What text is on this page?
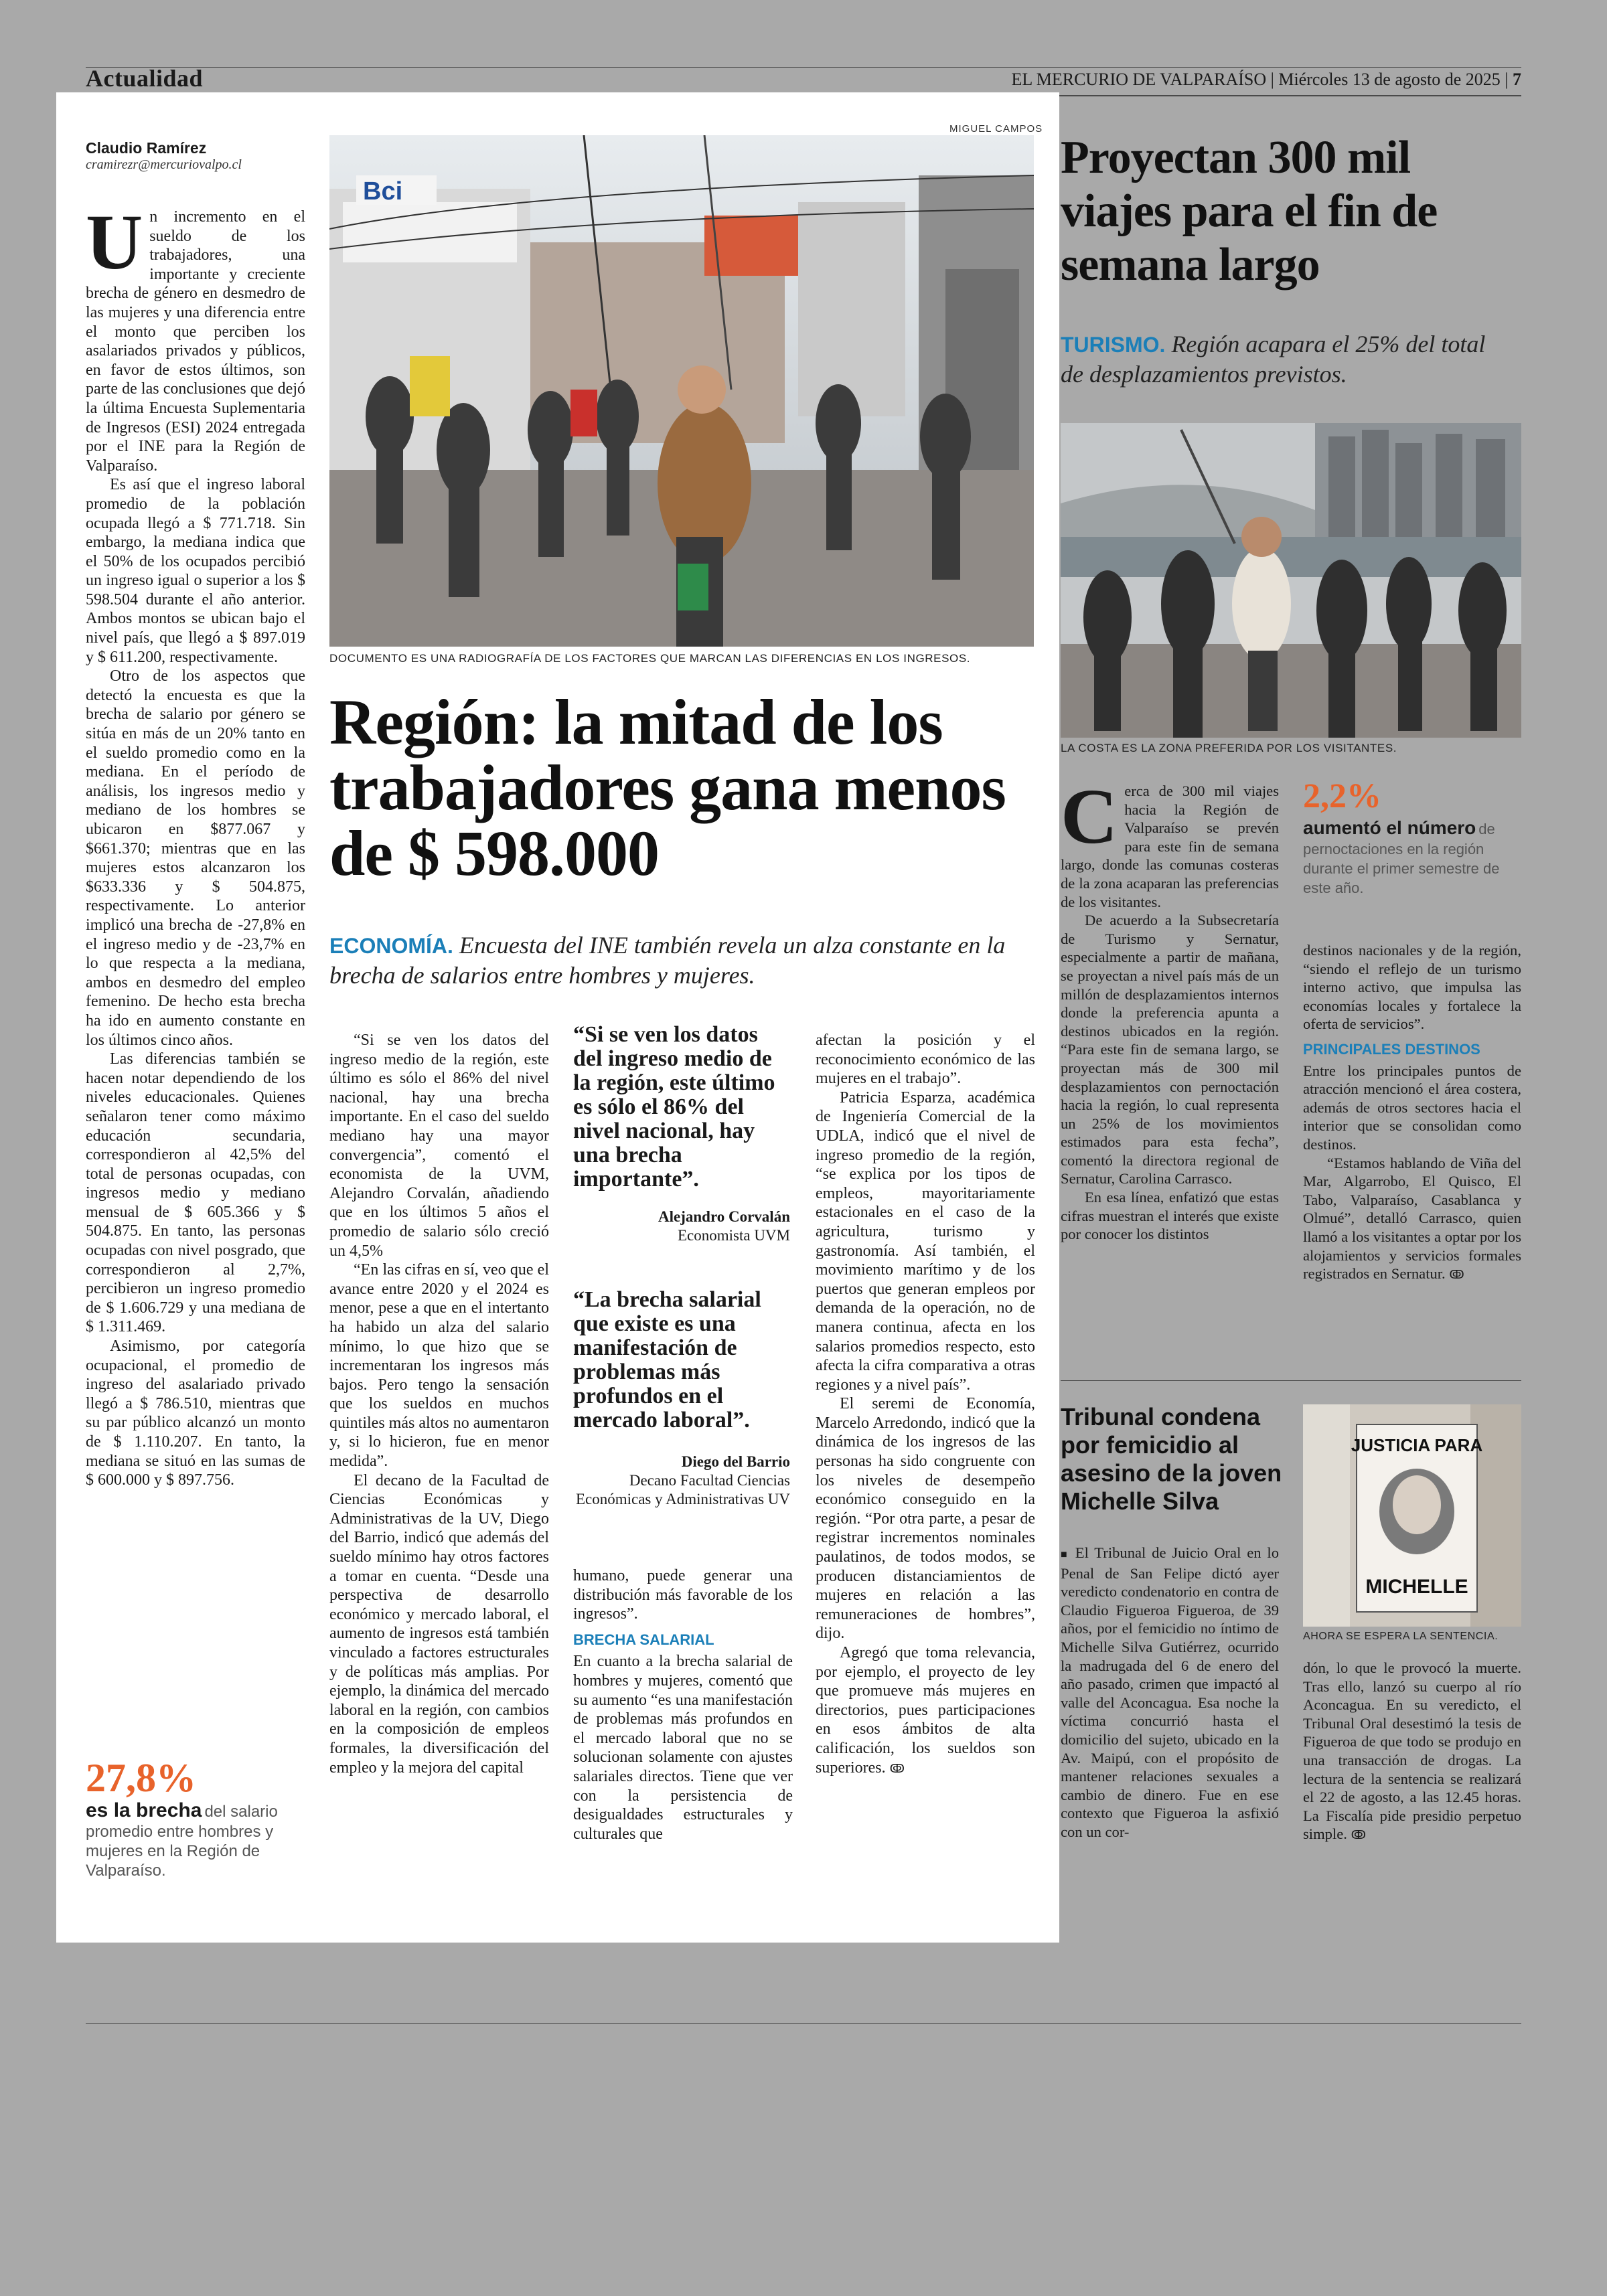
Actualidad	EL MERCURIO DE VALPARAÍSO | Miércoles 13 de agosto de 2025 | 7
Claudio Ramírez
cramirezr@mercuriovalpo.cl

Un incremento en el sueldo de los trabajadores, una importante y creciente brecha de género en desmedro de las mujeres y una diferencia entre el monto que perciben los asalariados privados y públicos, en favor de estos últimos, son parte de las conclusiones que dejó la última Encuesta Suplementaria de Ingresos (ESI) 2024 entregada por el INE para la Región de Valparaíso.

Es así que el ingreso laboral promedio de la población ocupada llegó a $ 771.718. Sin embargo, la mediana indica que el 50% de los ocupados percibió un ingreso igual o superior a los $ 598.504 durante el año anterior. Ambos montos se ubican bajo el nivel país, que llegó a $ 897.019 y $ 611.200, respectivamente.

Otro de los aspectos que detectó la encuesta es que la brecha de salario por género se sitúa en más de un 20% tanto en el sueldo promedio como en la mediana. En el período de análisis, los ingresos medio y mediano de los hombres se ubicaron en $877.067 y $661.370; mientras que en las mujeres estos alcanzaron los $633.336 y $ 504.875, respectivamente. Lo anterior implicó una brecha de -27,8% en el ingreso medio y de -23,7% en lo que respecta a la mediana, ambos en desmedro del empleo femenino. De hecho esta brecha ha ido en aumento constante en los últimos cinco años.

Las diferencias también se hacen notar dependiendo de los niveles educacionales. Quienes señalaron tener como máximo educación secundaria, correspondieron al 42,5% del total de personas ocupadas, con ingresos medio y mediano mensual de $ 605.366 y $ 504.875. En tanto, las personas ocupadas con nivel posgrado, que correspondieron al 2,7%, percibieron un ingreso promedio de $ 1.606.729 y una mediana de $ 1.311.469.

Asimismo, por categoría ocupacional, el promedio de ingreso del asalariado privado llegó a $ 786.510, mientras que su par público alcanzó un monto de $ 1.110.207. En tanto, la mediana se situó en las sumas de $ 600.000 y $ 897.756.

27,8%
es la brecha del salario promedio entre hombres y mujeres en la Región de Valparaíso.
MIGUEL CAMPOS
Bci
DOCUMENTO ES UNA RADIOGRAFÍA DE LOS FACTORES QUE MARCAN LAS DIFERENCIAS EN LOS INGRESOS.
Región: la mitad de los trabajadores gana menos de $ 598.000
ECONOMÍA. Encuesta del INE también revela un alza constante en la brecha de salarios entre hombres y mujeres.

“Si se ven los datos del ingreso medio de la región, este último es sólo el 86% del nivel nacional, hay una brecha importante. En el caso del sueldo mediano hay una mayor convergencia”, comentó el economista de la UVM, Alejandro Corvalán, añadiendo que en los últimos 5 años el promedio de salario sólo creció un 4,5%

“En las cifras en sí, veo que el avance entre 2020 y el 2024 es menor, pese a que en el intertanto ha habido un alza del salario mínimo, lo que hizo que se incrementaran los ingresos más bajos. Pero tengo la sensación que los sueldos en muchos quintiles más altos no aumentaron y, si lo hicieron, fue en menor medida”.

El decano de la Facultad de Ciencias Económicas y Administrativas de la UV, Diego del Barrio, indicó que además del sueldo mínimo hay otros factores a tomar en cuenta. “Desde una perspectiva de desarrollo económico y mercado laboral, el aumento de ingresos está también vinculado a factores estructurales y de políticas más amplias. Por ejemplo, la dinámica del mercado laboral en la región, con cambios en la composición de empleos formales, la diversificación del empleo y la mejora del capital

“Si se ven los datos del ingreso medio de la región, este último es sólo el 86% del nivel nacional, hay una brecha importante”.
Alejandro Corvalán
Economista UVM
“La brecha salarial que existe es una manifestación de problemas más profundos en el mercado laboral”.
Diego del Barrio
Decano Facultad Ciencias Económicas y Administrativas UV

humano, puede generar una distribución más favorable de los ingresos”.

BRECHA SALARIAL

En cuanto a la brecha salarial de hombres y mujeres, comentó que su aumento “es una manifestación de problemas más profundos en el mercado laboral que no se solucionan solamente con ajustes salariales directos. Tiene que ver con la persistencia de desigualdades estructurales y culturales que

afectan la posición y el reconocimiento económico de las mujeres en el trabajo”.

Patricia Esparza, académica de Ingeniería Comercial de la UDLA, indicó que el nivel de ingreso promedio de la región, “se explica por los tipos de empleos, mayoritariamente estacionales en el caso de la agricultura, turismo y gastronomía. Así también, el movimiento marítimo y de los puertos que generan empleos por demanda de la operación, no de manera continua, afecta en los salarios promedios respecto, esto afecta la cifra comparativa a otras regiones y a nivel país”.

El seremi de Economía, Marcelo Arredondo, indicó que la dinámica de los ingresos de las personas ha sido congruente con los niveles de desempeño económico conseguido en la región. “Por otra parte, a pesar de registrar incrementos nominales paulatinos, de todos modos, se producen distanciamientos de mujeres en relación a las remuneraciones de hombres”, dijo.

Agregó que toma relevancia, por ejemplo, el proyecto de ley que promueve más mujeres en directorios, pues participaciones en esos ámbitos de alta calificación, los sueldos son superiores. ↂ

Proyectan 300 mil viajes para el fin de semana largo
TURISMO. Región acapara el 25% del total de desplazamientos previstos.
LA COSTA ES LA ZONA PREFERIDA POR LOS VISITANTES.

Cerca de 300 mil viajes hacia la Región de Valparaíso se prevén para este fin de semana largo, donde las comunas costeras de la zona acaparan las preferencias de los visitantes.

De acuerdo a la Subsecretaría de Turismo y Sernatur, especialmente a partir de mañana, se proyectan a nivel país más de un millón de desplazamientos internos donde la preferencia apunta a destinos ubicados en la región. “Para este fin de semana largo, se proyectan más de 300 mil desplazamientos con pernoctación hacia la región, lo cual representa un 25% de los movimientos estimados para esta fecha”, comentó la directora regional de Sernatur, Carolina Carrasco.

En esa línea, enfatizó que estas cifras muestran el interés que existe por conocer los distintos

2,2%
aumentó el número de pernoctaciones en la región durante el primer semestre de este año.

destinos nacionales y de la región, “siendo el reflejo de un turismo interno activo, que impulsa las economías locales y fortalece la oferta de servicios”.

PRINCIPALES DESTINOS

Entre los principales puntos de atracción mencionó el área costera, además de otros sectores hacia el interior que se consolidan como destinos.

“Estamos hablando de Viña del Mar, Algarrobo, El Quisco, El Tabo, Valparaíso, Casablanca y Olmué”, detalló Carrasco, quien llamó a los visitantes a optar por los alojamientos y servicios formales registrados en Sernatur. ↂ

Tribunal condena por femicidio al asesino de la joven Michelle Silva
JUSTICIA PARA
MICHELLE
AHORA SE ESPERA LA SENTENCIA.

■ El Tribunal de Juicio Oral en lo Penal de San Felipe dictó ayer veredicto condenatorio en contra de Claudio Figueroa Figueroa, de 39 años, por el femicidio no íntimo de Michelle Silva Gutiérrez, ocurrido la madrugada del 6 de enero del año pasado, crimen que impactó al valle del Aconcagua. Esa noche la víctima concurrió hasta el domicilio del sujeto, ubicado en la Av. Maipú, con el propósito de mantener relaciones sexuales a cambio de dinero. Fue en ese contexto que Figueroa la asfixió con un cor-

dón, lo que le provocó la muerte. Tras ello, lanzó su cuerpo al río Aconcagua. En su veredicto, el Tribunal Oral desestimó la tesis de Figueroa de que todo se produjo en una transacción de drogas. La lectura de la sentencia se realizará el 22 de agosto, a las 12.45 horas. La Fiscalía pide presidio perpetuo simple. ↂ
